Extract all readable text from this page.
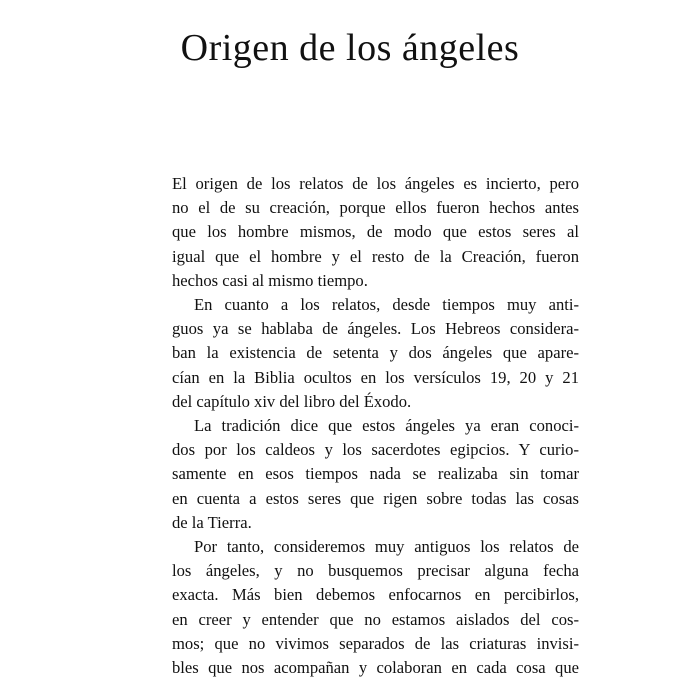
Origen de los ángeles

El origen de los relatos de los ángeles es incierto, pero
no el de su creación, porque ellos fueron hechos antes
que los hombre mismos, de modo que estos seres al
igual que el hombre y el resto de la Creación, fueron
hechos casi al mismo tiempo.

En cuanto a los relatos, desde tiempos muy anti-
guos ya se hablaba de ángeles. Los Hebreos considera-
ban la existencia de setenta y dos ángeles que apare-
cían en la Biblia ocultos en los versículos 19, 20 y 21
del capítulo xiv del libro del Éxodo.

La tradición dice que estos ángeles ya eran conoci-
dos por los caldeos y los sacerdotes egipcios. Y curio-
samente en esos tiempos nada se realizaba sin tomar
en cuenta a estos seres que rigen sobre todas las cosas
de la Tierra.

Por tanto, consideremos muy antiguos los relatos de
los ángeles, y no busquemos precisar alguna fecha
exacta. Más bien debemos enfocarnos en percibirlos,
en creer y entender que no estamos aislados del cos-
mos; que no vivimos separados de las criaturas invisi-
bles que nos acompañan y colaboran en cada cosa que
